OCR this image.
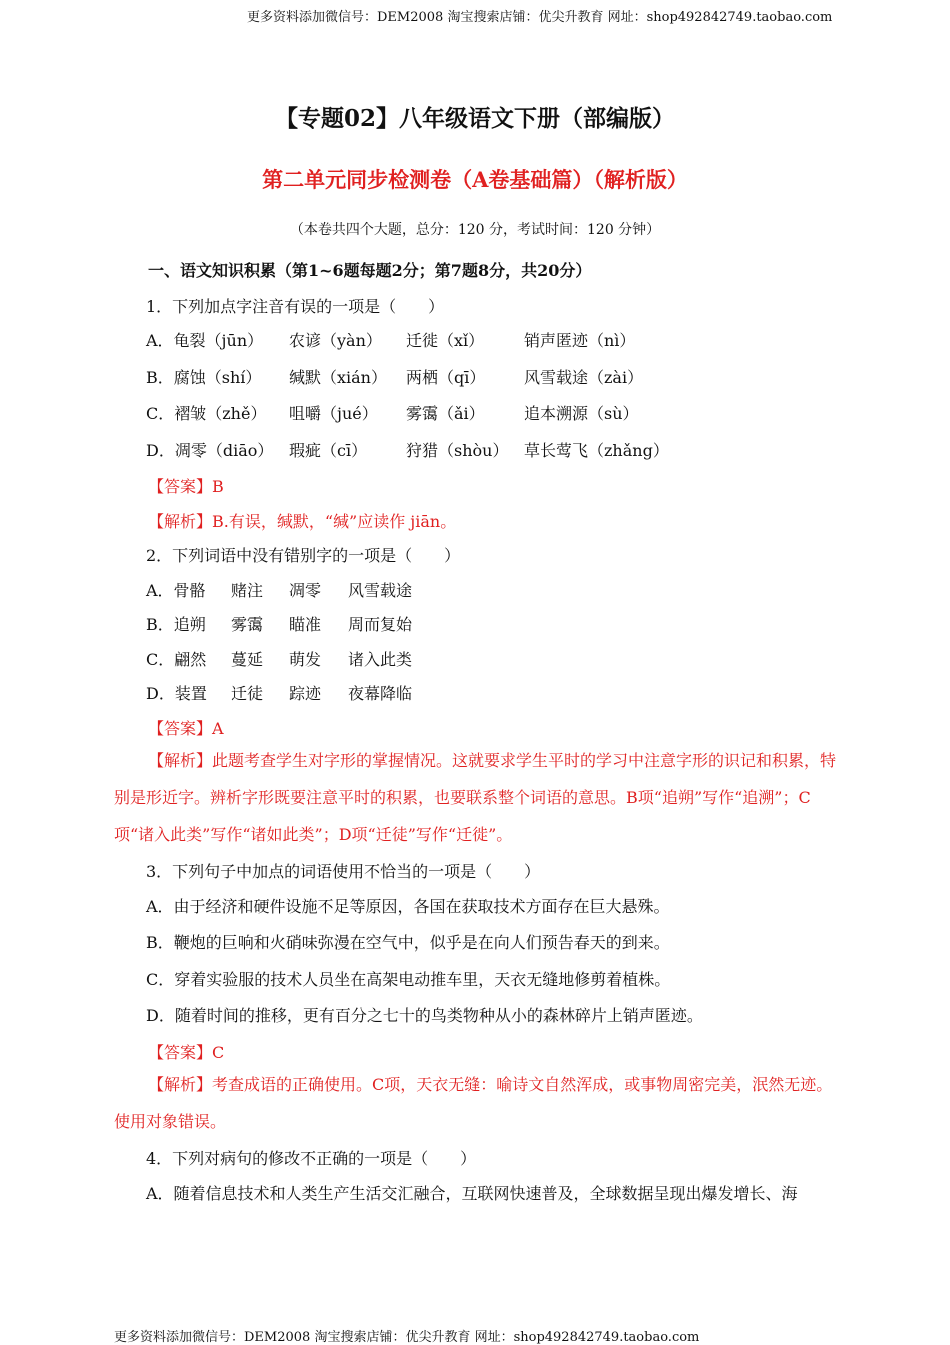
更多资料添加微信号：DEM2008 淘宝搜索店铺：优尖升教育 网址：shop492842749.taobao.com
【专题02】八年级语文下册（部编版）
第二单元同步检测卷（A卷基础篇）（解析版）
（本卷共四个大题，总分：120 分，考试时间：120 分钟）
一、语文知识积累（第1~6题每题2分；第7题8分，共20分）
1．下列加点字注音有误的一项是（　　）
A．龟裂（jūn） 农谚（yàn） 迁徙（xǐ） 销声匿迹（nì）
B．腐蚀（shí） 缄默（xián） 两栖（qī） 风雪载途（zài）
C．褶皱（zhě） 咀嚼（jué） 雾霭（ǎi） 追本溯源（sù）
D．凋零（diāo） 瑕疵（cī） 狩猎（shòu） 草长莺飞（zhǎng）
【答案】B
【解析】B.有误，缄默，“缄”应读作 jiān。
2．下列词语中没有错别字的一项是（　　）
A．骨骼 赌注 凋零 风雪载途
B．追朔 雾霭 瞄准 周而复始
C．翩然 蔓延 萌发 诸入此类
D．装置 迁徒 踪迹 夜幕降临
【答案】A
【解析】此题考查学生对字形的掌握情况。这就要求学生平时的学习中注意字形的识记和积累，特别是形近字。辨析字形既要注意平时的积累，也要联系整个词语的意思。B项“追朔”写作“追溯”；C项“诸入此类”写作“诸如此类”；D项“迁徒”写作“迁徙”。
3．下列句子中加点的词语使用不恰当的一项是（　　）
A．由于经济和硬件设施不足等原因，各国在获取技术方面存在巨大悬殊。
B．鞭炮的巨响和火硝味弥漫在空气中，似乎是在向人们预告春天的到来。
C．穿着实验服的技术人员坐在高架电动推车里，天衣无缝地修剪着植株。
D．随着时间的推移，更有百分之七十的鸟类物种从小的森林碎片上销声匿迹。
【答案】C
【解析】考查成语的正确使用。C项，天衣无缝：喻诗文自然浑成，或事物周密完美，泯然无迹。使用对象错误。
4．下列对病句的修改不正确的一项是（　　）
A．随着信息技术和人类生产生活交汇融合，互联网快速普及，全球数据呈现出爆发增长、海
更多资料添加微信号：DEM2008 淘宝搜索店铺：优尖升教育 网址：shop492842749.taobao.com
